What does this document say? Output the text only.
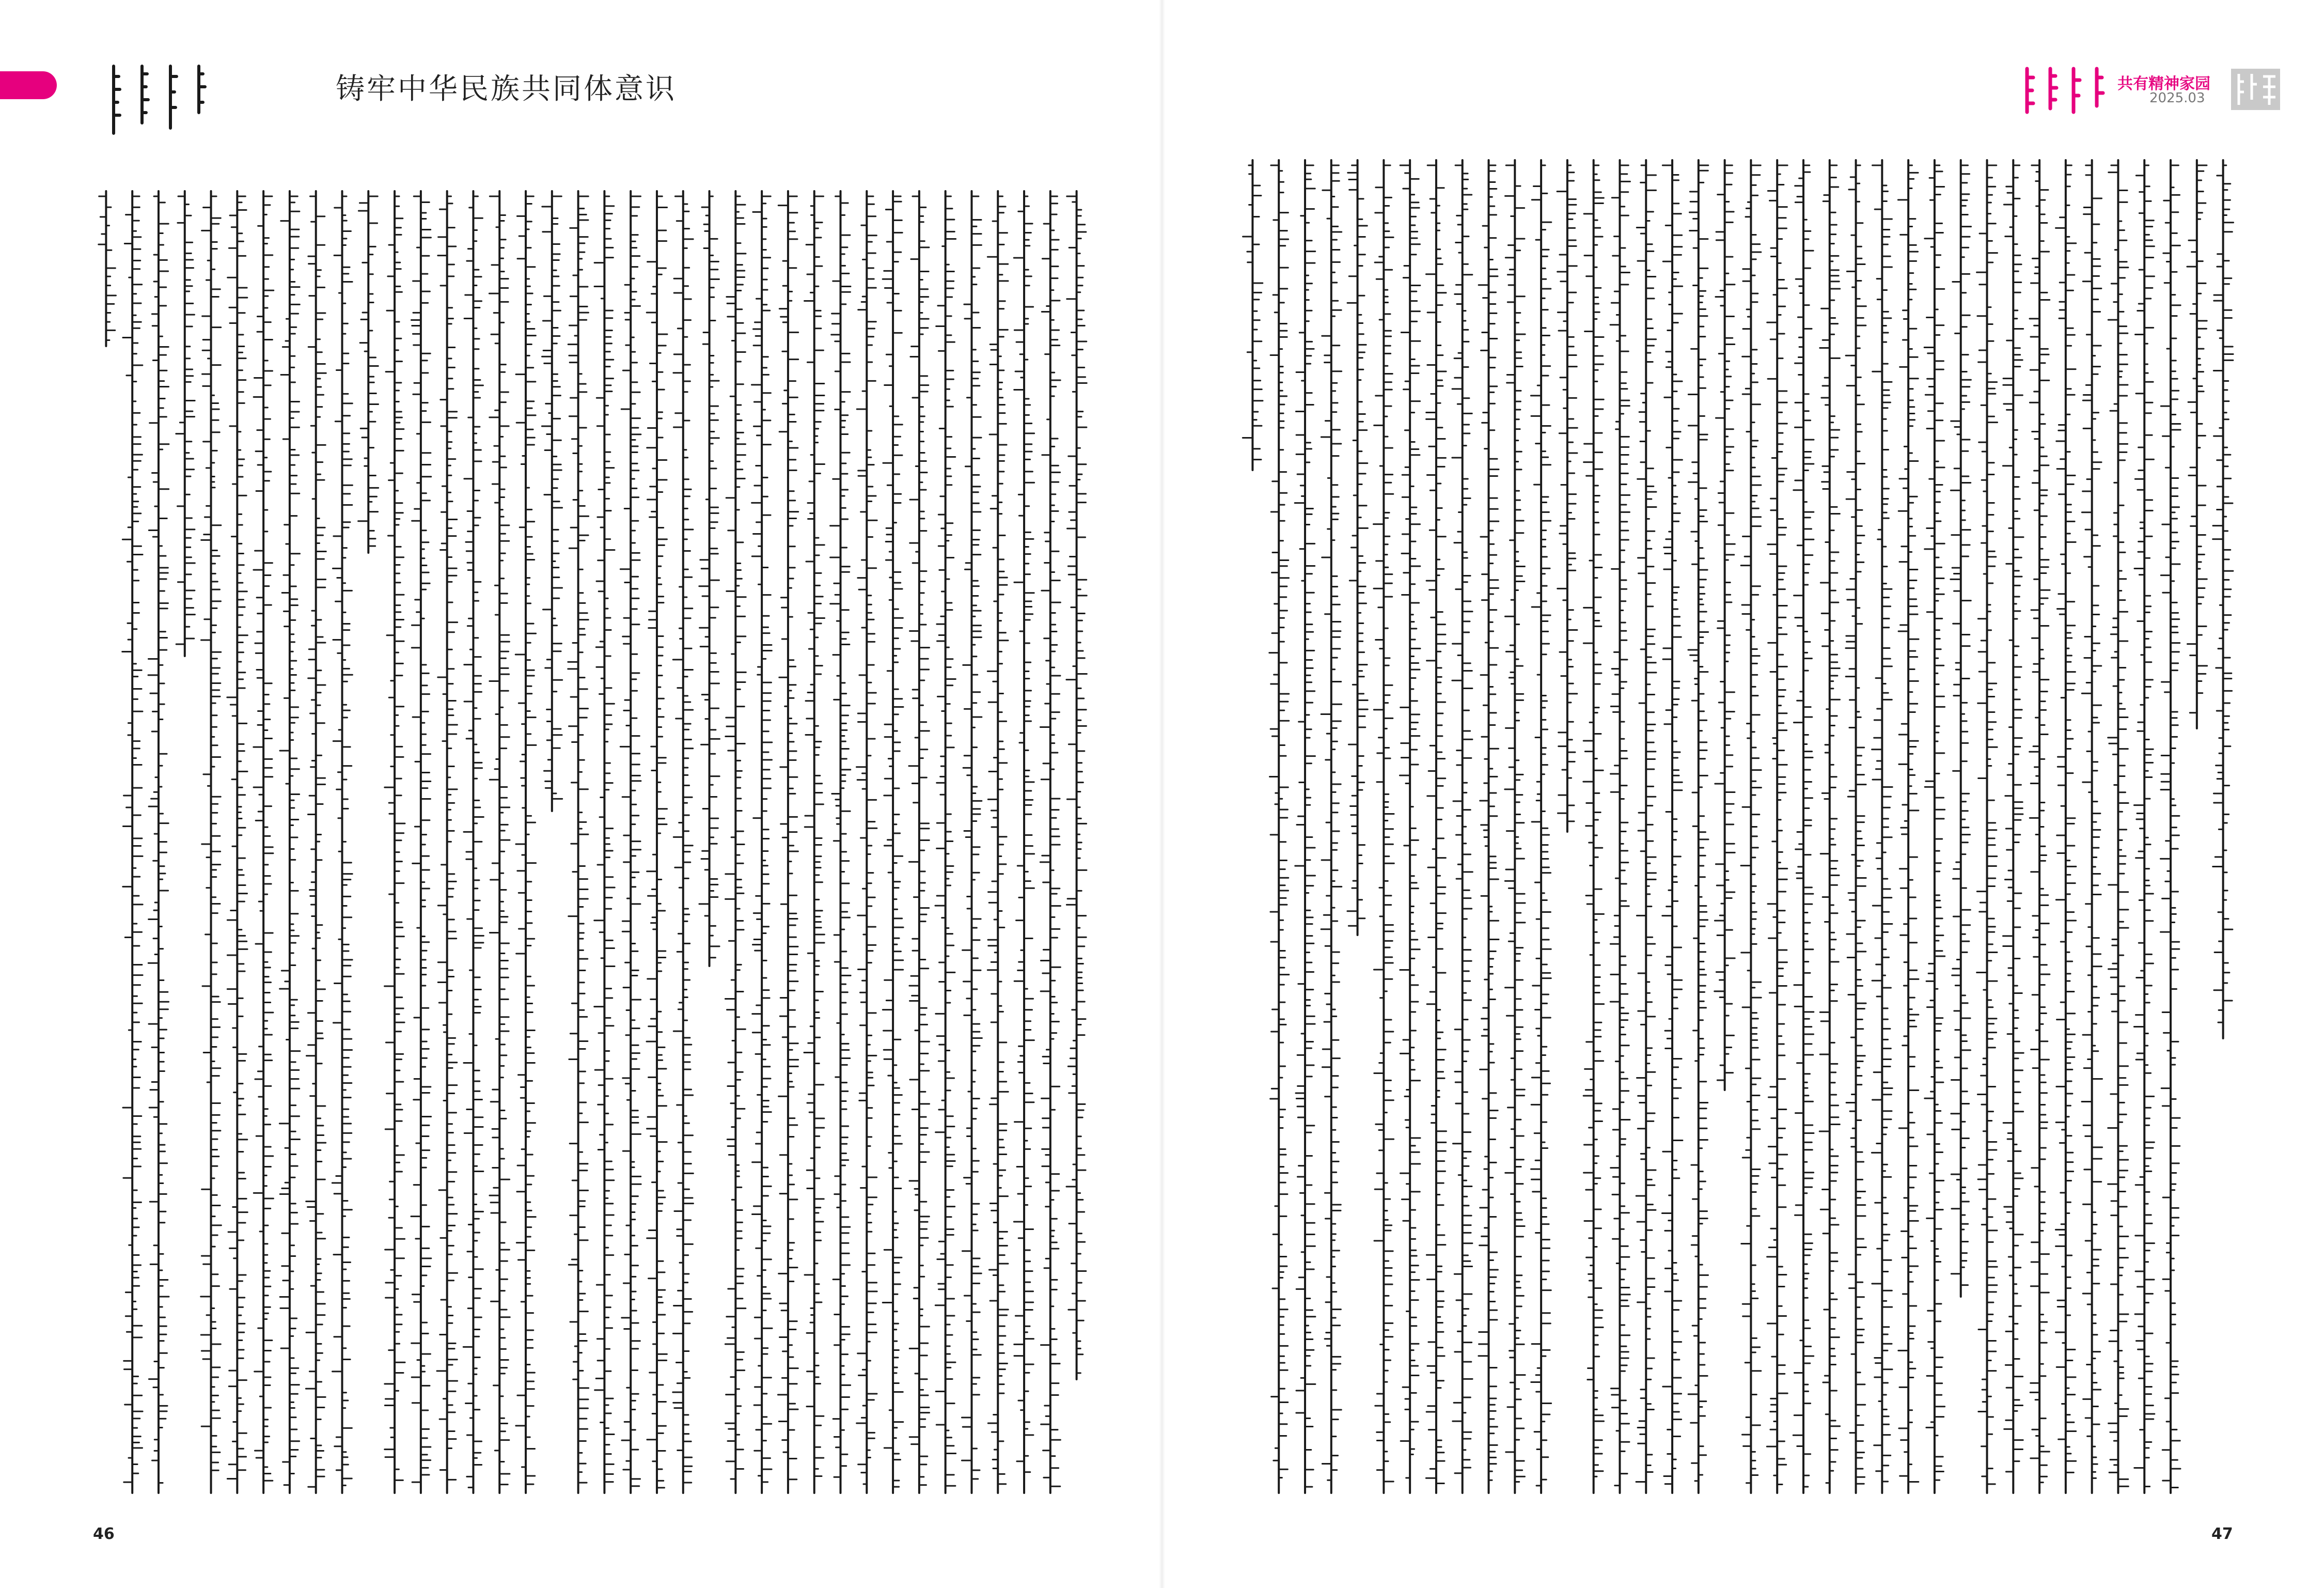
铸牢中华民族共同体意识	共有精神家园
2025.03
46	47
